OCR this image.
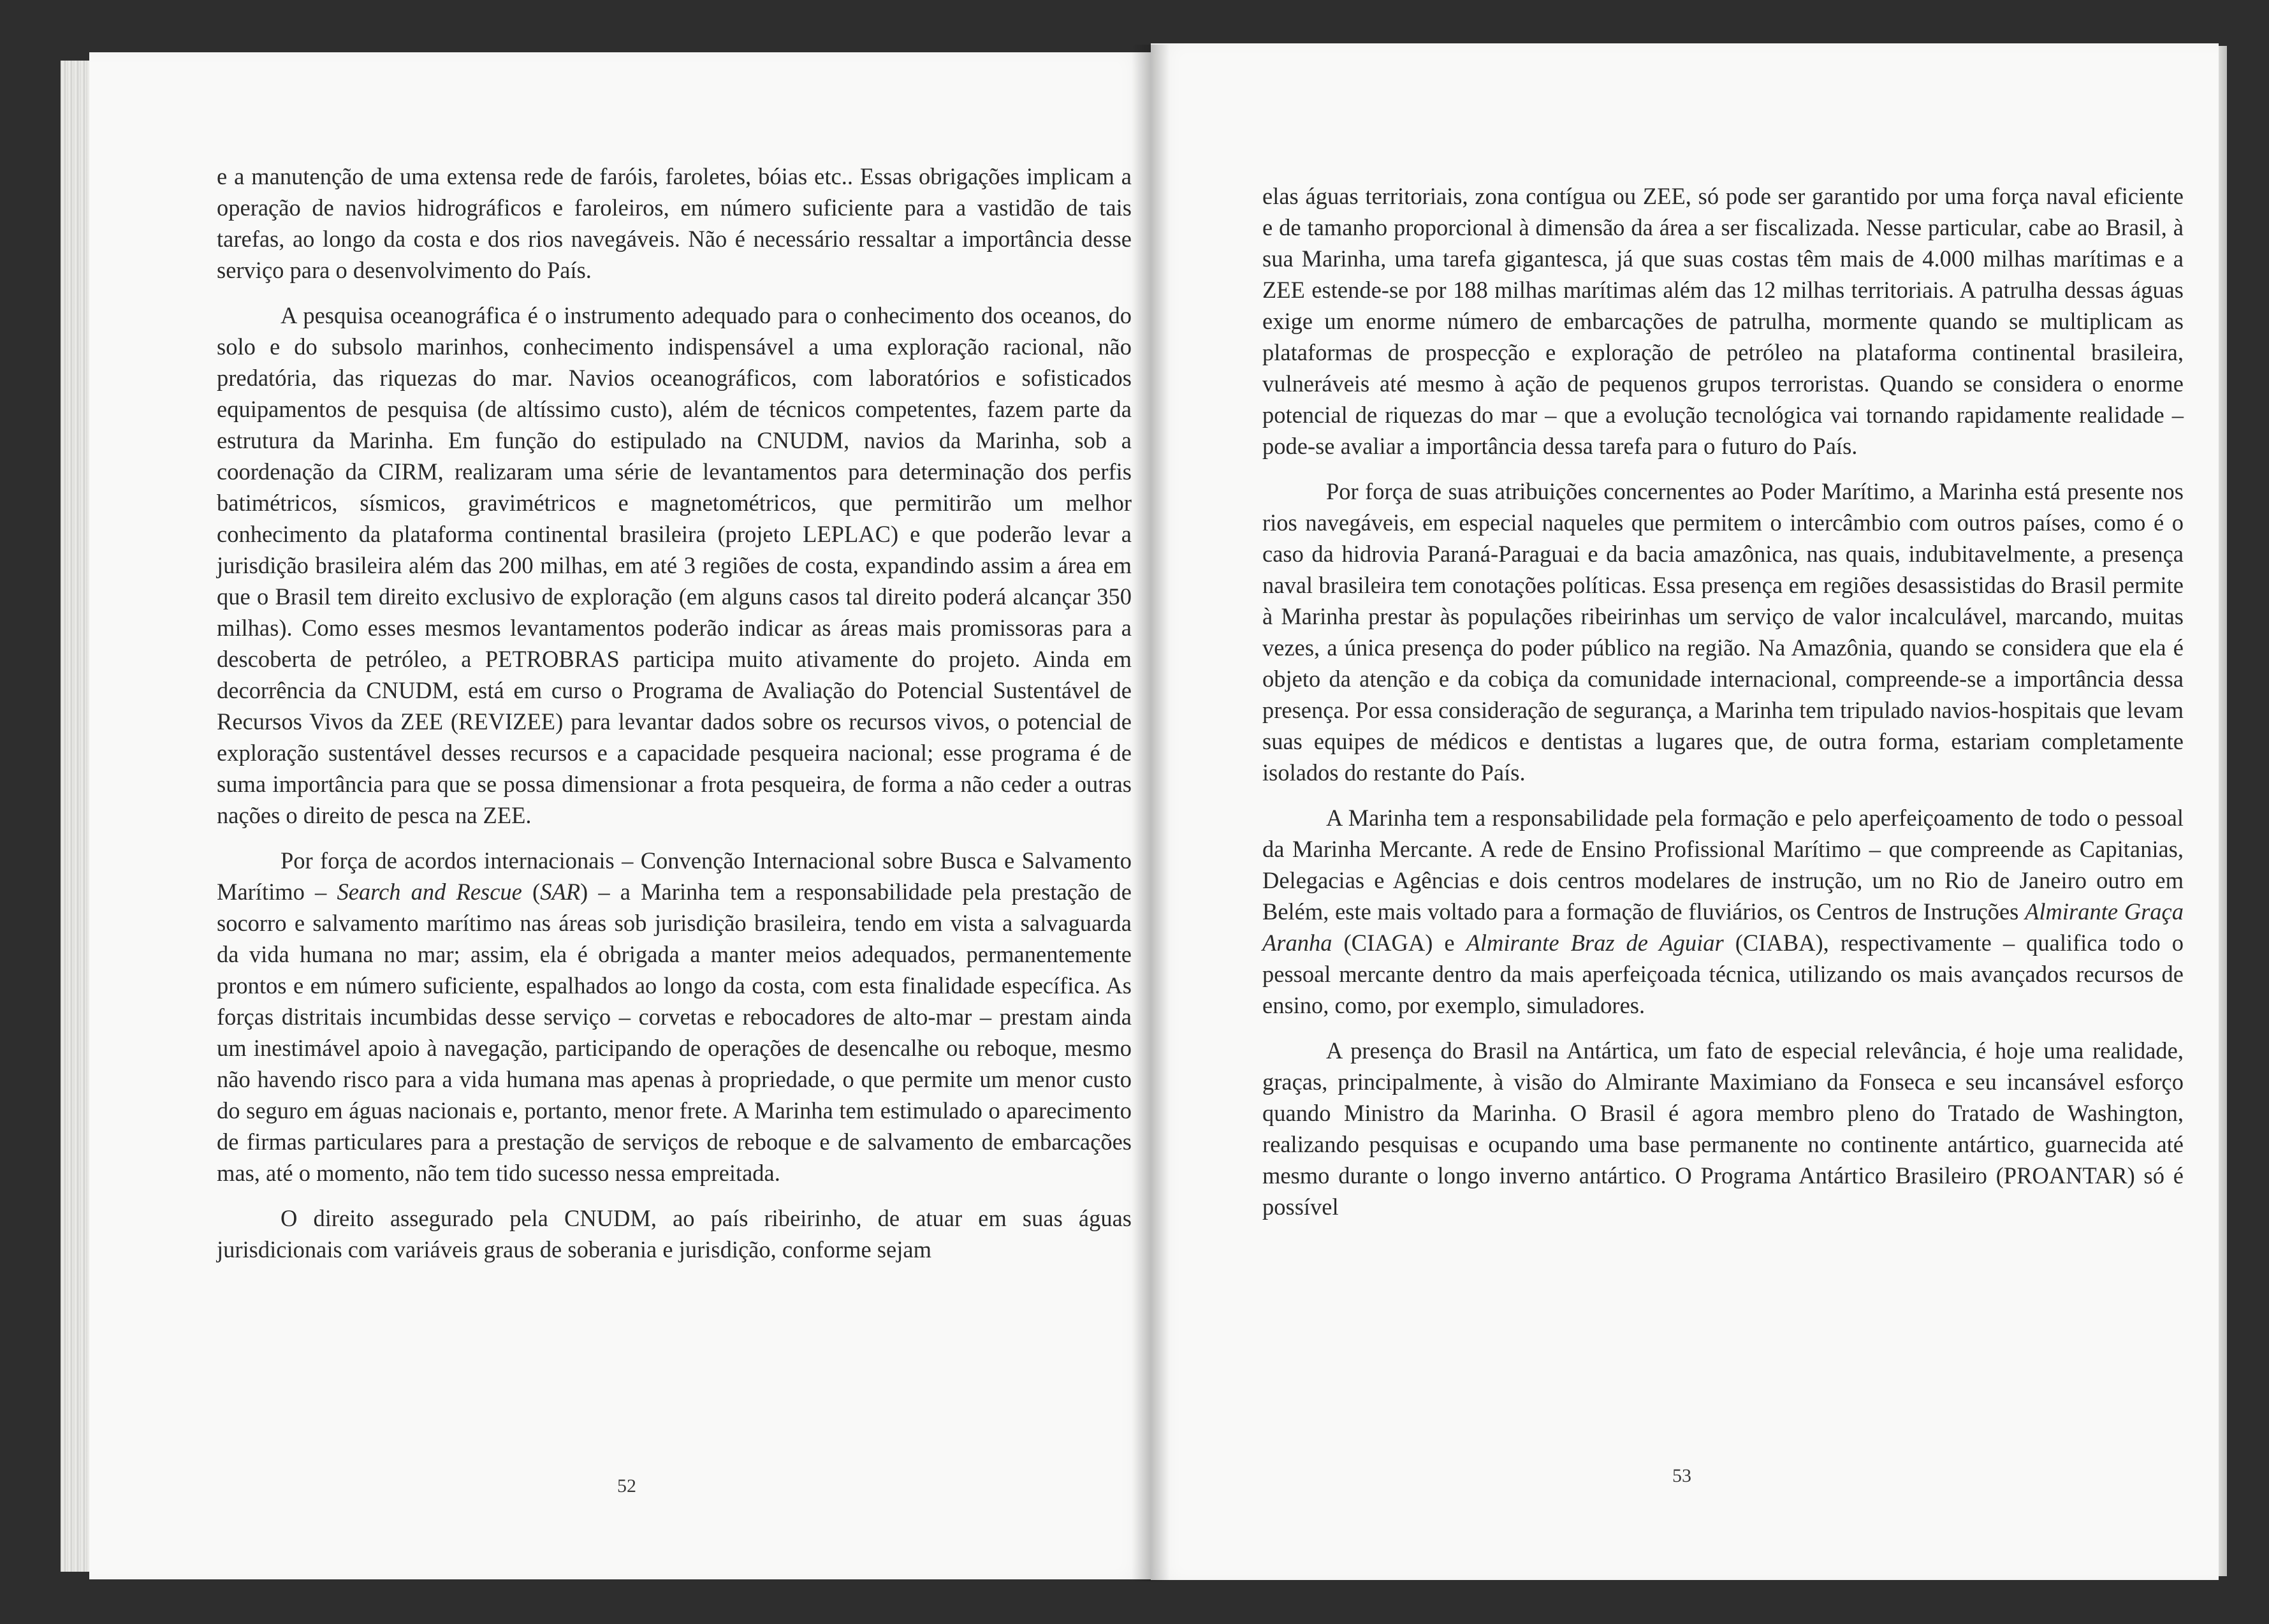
e a manutenção de uma extensa rede de faróis, faroletes, bóias etc.. Essas obrigações implicam a operação de navios hidrográficos e faroleiros, em número suficiente para a vastidão de tais tarefas, ao longo da costa e dos rios navegáveis. Não é necessário ressaltar a importância desse serviço para o desenvolvimento do País.

A pesquisa oceanográfica é o instrumento adequado para o conhecimento dos oceanos, do solo e do subsolo marinhos, conhecimento indispensável a uma exploração racional, não predatória, das riquezas do mar. Navios oceanográficos, com laboratórios e sofisticados equipamentos de pesquisa (de altíssimo custo), além de técnicos competentes, fazem parte da estrutura da Marinha. Em função do estipulado na CNUDM, navios da Marinha, sob a coordenação da CIRM, realizaram uma série de levantamentos para determinação dos perfis batimétricos, sísmicos, gravimétricos e magnetométricos, que permitirão um melhor conhecimento da plataforma continental brasileira (projeto LEPLAC) e que poderão levar a jurisdição brasileira além das 200 milhas, em até 3 regiões de costa, expandindo assim a área em que o Brasil tem direito exclusivo de exploração (em alguns casos tal direito poderá alcançar 350 milhas). Como esses mesmos levantamentos poderão indicar as áreas mais promissoras para a descoberta de petróleo, a PETROBRAS participa muito ativamente do projeto. Ainda em decorrência da CNUDM, está em curso o Programa de Avaliação do Potencial Sustentável de Recursos Vivos da ZEE (REVIZEE) para levantar dados sobre os recursos vivos, o potencial de exploração sustentável desses recursos e a capacidade pesqueira nacional; esse programa é de suma importância para que se possa dimensionar a frota pesqueira, de forma a não ceder a outras nações o direito de pesca na ZEE.

Por força de acordos internacionais – Convenção Internacional sobre Busca e Salvamento Marítimo – Search and Rescue (SAR) – a Marinha tem a responsabilidade pela prestação de socorro e salvamento marítimo nas áreas sob jurisdição brasileira, tendo em vista a salvaguarda da vida humana no mar; assim, ela é obrigada a manter meios adequados, permanentemente prontos e em número suficiente, espalhados ao longo da costa, com esta finalidade específica. As forças distritais incumbidas desse serviço – corvetas e rebocadores de alto-mar – prestam ainda um inestimável apoio à navegação, participando de operações de desencalhe ou reboque, mesmo não havendo risco para a vida humana mas apenas à propriedade, o que permite um menor custo do seguro em águas nacionais e, portanto, menor frete. A Marinha tem estimulado o aparecimento de firmas particulares para a prestação de serviços de reboque e de salvamento de embarcações mas, até o momento, não tem tido sucesso nessa empreitada.

O direito assegurado pela CNUDM, ao país ribeirinho, de atuar em suas águas jurisdicionais com variáveis graus de soberania e jurisdição, conforme sejam

52

elas águas territoriais, zona contígua ou ZEE, só pode ser garantido por uma força naval eficiente e de tamanho proporcional à dimensão da área a ser fiscalizada. Nesse particular, cabe ao Brasil, à sua Marinha, uma tarefa gigantesca, já que suas costas têm mais de 4.000 milhas marítimas e a ZEE estende-se por 188 milhas marítimas além das 12 milhas territoriais. A patrulha dessas águas exige um enorme número de embarcações de patrulha, mormente quando se multiplicam as plataformas de prospecção e exploração de petróleo na plataforma continental brasileira, vulneráveis até mesmo à ação de pequenos grupos terroristas. Quando se considera o enorme potencial de riquezas do mar – que a evolução tecnológica vai tornando rapidamente realidade – pode-se avaliar a importância dessa tarefa para o futuro do País.

Por força de suas atribuições concernentes ao Poder Marítimo, a Marinha está presente nos rios navegáveis, em especial naqueles que permitem o intercâmbio com outros países, como é o caso da hidrovia Paraná-Paraguai e da bacia amazônica, nas quais, indubitavelmente, a presença naval brasileira tem conotações políticas. Essa presença em regiões desassistidas do Brasil permite à Marinha prestar às populações ribeirinhas um serviço de valor incalculável, marcando, muitas vezes, a única presença do poder público na região. Na Amazônia, quando se considera que ela é objeto da atenção e da cobiça da comunidade internacional, compreende-se a importância dessa presença. Por essa consideração de segurança, a Marinha tem tripulado navios-hospitais que levam suas equipes de médicos e dentistas a lugares que, de outra forma, estariam completamente isolados do restante do País.

A Marinha tem a responsabilidade pela formação e pelo aperfeiçoamento de todo o pessoal da Marinha Mercante. A rede de Ensino Profissional Marítimo – que compreende as Capitanias, Delegacias e Agências e dois centros modelares de instrução, um no Rio de Janeiro outro em Belém, este mais voltado para a formação de fluviários, os Centros de Instruções Almirante Graça Aranha (CIAGA) e Almirante Braz de Aguiar (CIABA), respectivamente – qualifica todo o pessoal mercante dentro da mais aperfeiçoada técnica, utilizando os mais avançados recursos de ensino, como, por exemplo, simuladores.

A presença do Brasil na Antártica, um fato de especial relevância, é hoje uma realidade, graças, principalmente, à visão do Almirante Maximiano da Fonseca e seu incansável esforço quando Ministro da Marinha. O Brasil é agora membro pleno do Tratado de Washington, realizando pesquisas e ocupando uma base permanente no continente antártico, guarnecida até mesmo durante o longo inverno antártico. O Programa Antártico Brasileiro (PROANTAR) só é possível

53
